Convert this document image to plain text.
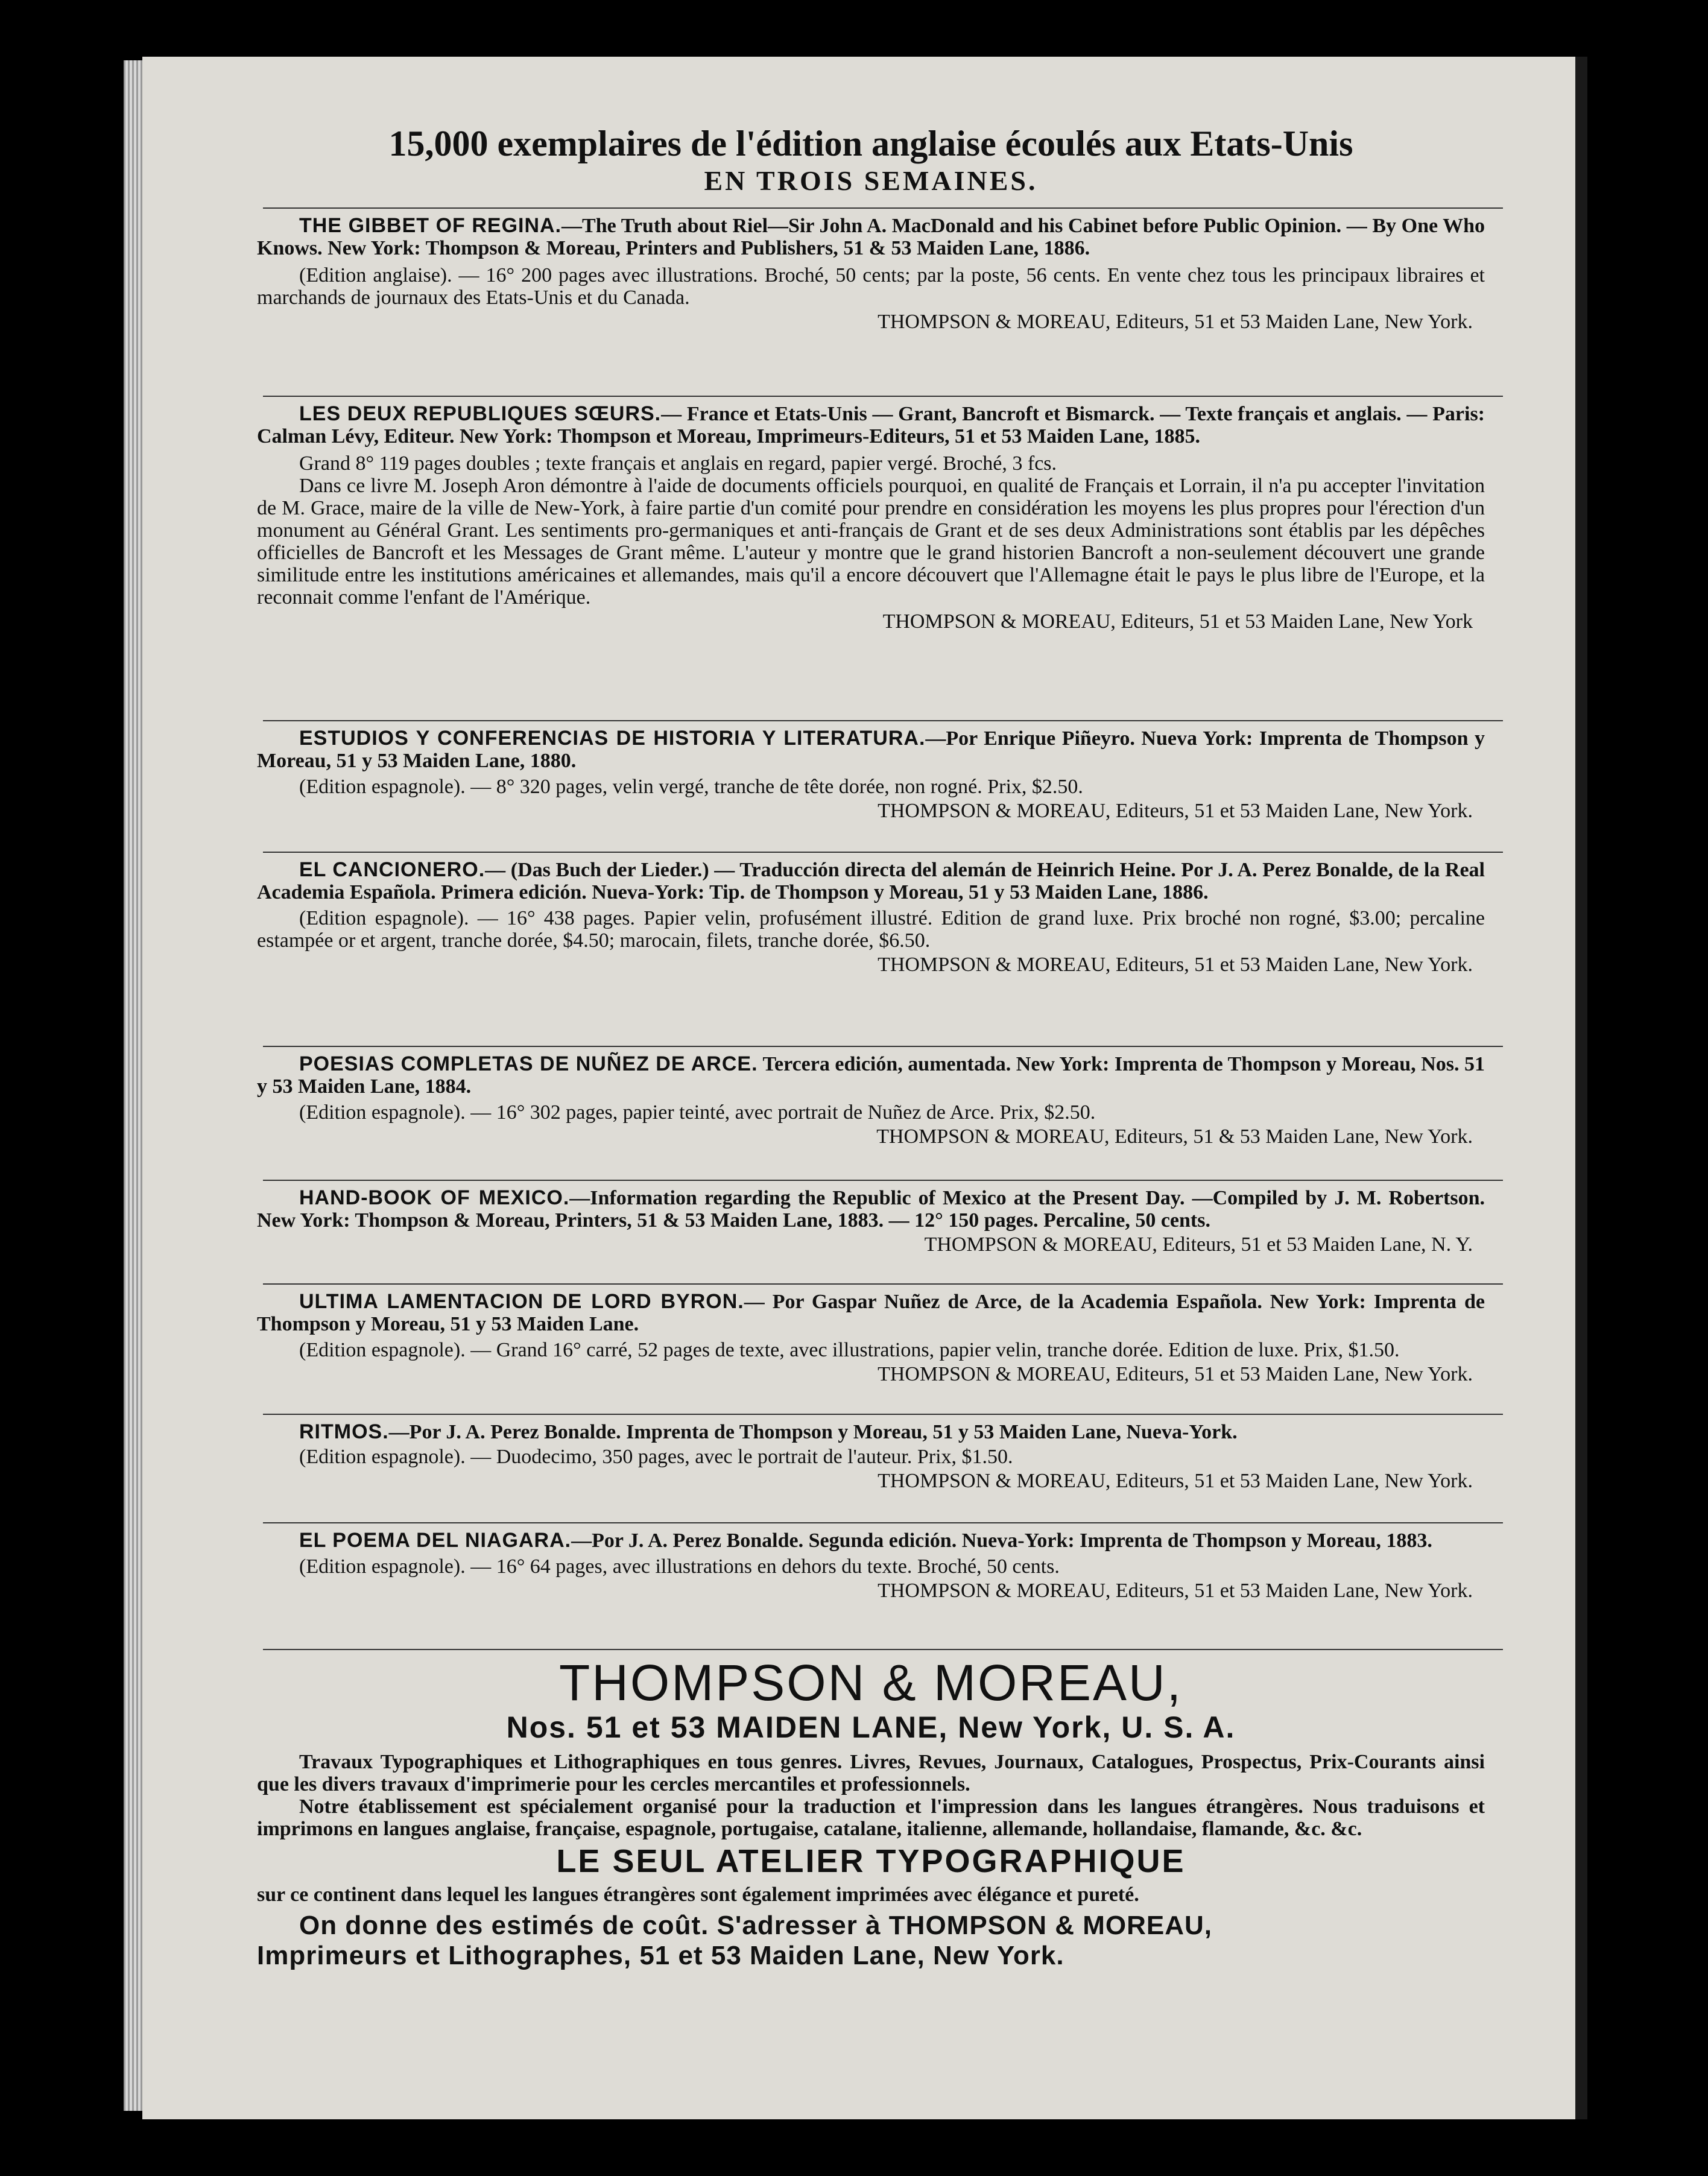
15,000 exemplaires de l'édition anglaise écoulés aux Etats-Unis
EN TROIS SEMAINES.
THE GIBBET OF REGINA.—The Truth about Riel—Sir John A. MacDonald and his Cabinet before Public Opinion. — By One Who Knows. New York: Thompson & Moreau, Printers and Publishers, 51 & 53 Maiden Lane, 1886.
(Edition anglaise). — 16° 200 pages avec illustrations. Broché, 50 cents; par la poste, 56 cents. En vente chez tous les principaux libraires et marchands de journaux des Etats-Unis et du Canada.
THOMPSON & MOREAU, Editeurs, 51 et 53 Maiden Lane, New York.
LES DEUX REPUBLIQUES SŒURS.— France et Etats-Unis — Grant, Bancroft et Bismarck. — Texte français et anglais. — Paris: Calman Lévy, Editeur. New York: Thompson et Moreau, Imprimeurs-Editeurs, 51 et 53 Maiden Lane, 1885.
Grand 8° 119 pages doubles ; texte français et anglais en regard, papier vergé. Broché, 3 fcs.
Dans ce livre M. Joseph Aron démontre à l'aide de documents officiels pourquoi, en qualité de Français et Lorrain, il n'a pu accepter l'invitation de M. Grace, maire de la ville de New-York, à faire partie d'un comité pour prendre en considération les moyens les plus propres pour l'érection d'un monument au Général Grant. Les sentiments pro-germaniques et anti-français de Grant et de ses deux Administrations sont établis par les dépêches officielles de Bancroft et les Messages de Grant même. L'auteur y montre que le grand historien Bancroft a non-seulement découvert une grande similitude entre les institutions américaines et allemandes, mais qu'il a encore découvert que l'Allemagne était le pays le plus libre de l'Europe, et la reconnait comme l'enfant de l'Amérique.
THOMPSON & MOREAU, Editeurs, 51 et 53 Maiden Lane, New York
ESTUDIOS Y CONFERENCIAS DE HISTORIA Y LITERATURA.—Por Enrique Piñeyro. Nueva York: Imprenta de Thompson y Moreau, 51 y 53 Maiden Lane, 1880.
(Edition espagnole). — 8° 320 pages, velin vergé, tranche de tête dorée, non rogné. Prix, $2.50.
THOMPSON & MOREAU, Editeurs, 51 et 53 Maiden Lane, New York.
EL CANCIONERO.— (Das Buch der Lieder.) — Traducción directa del alemán de Heinrich Heine. Por J. A. Perez Bonalde, de la Real Academia Española. Primera edición. Nueva-York: Tip. de Thompson y Moreau, 51 y 53 Maiden Lane, 1886.
(Edition espagnole). — 16° 438 pages. Papier velin, profusément illustré. Edition de grand luxe. Prix broché non rogné, $3.00; percaline estampée or et argent, tranche dorée, $4.50; marocain, filets, tranche dorée, $6.50.
THOMPSON & MOREAU, Editeurs, 51 et 53 Maiden Lane, New York.
POESIAS COMPLETAS DE NUÑEZ DE ARCE. Tercera edición, aumentada. New York: Imprenta de Thompson y Moreau, Nos. 51 y 53 Maiden Lane, 1884.
(Edition espagnole). — 16° 302 pages, papier teinté, avec portrait de Nuñez de Arce. Prix, $2.50.
THOMPSON & MOREAU, Editeurs, 51 & 53 Maiden Lane, New York.
HAND-BOOK OF MEXICO.—Information regarding the Republic of Mexico at the Present Day. —Compiled by J. M. Robertson. New York: Thompson & Moreau, Printers, 51 & 53 Maiden Lane, 1883. — 12° 150 pages. Percaline, 50 cents.
THOMPSON & MOREAU, Editeurs, 51 et 53 Maiden Lane, N. Y.
ULTIMA LAMENTACION DE LORD BYRON.— Por Gaspar Nuñez de Arce, de la Academia Española. New York: Imprenta de Thompson y Moreau, 51 y 53 Maiden Lane.
(Edition espagnole). — Grand 16° carré, 52 pages de texte, avec illustrations, papier velin, tranche dorée. Edition de luxe. Prix, $1.50.
THOMPSON & MOREAU, Editeurs, 51 et 53 Maiden Lane, New York.
RITMOS.—Por J. A. Perez Bonalde. Imprenta de Thompson y Moreau, 51 y 53 Maiden Lane, Nueva-York.
(Edition espagnole). — Duodecimo, 350 pages, avec le portrait de l'auteur. Prix, $1.50.
THOMPSON & MOREAU, Editeurs, 51 et 53 Maiden Lane, New York.
EL POEMA DEL NIAGARA.—Por J. A. Perez Bonalde. Segunda edición. Nueva-York: Imprenta de Thompson y Moreau, 1883.
(Edition espagnole). — 16° 64 pages, avec illustrations en dehors du texte. Broché, 50 cents.
THOMPSON & MOREAU, Editeurs, 51 et 53 Maiden Lane, New York.
THOMPSON & MOREAU,
Nos. 51 et 53 MAIDEN LANE, New York, U. S. A.
Travaux Typographiques et Lithographiques en tous genres. Livres, Revues, Journaux, Catalogues, Prospectus, Prix-Courants ainsi que les divers travaux d'imprimerie pour les cercles mercantiles et professionnels.
Notre établissement est spécialement organisé pour la traduction et l'impression dans les langues étrangères. Nous traduisons et imprimons en langues anglaise, française, espagnole, portugaise, catalane, italienne, allemande, hollandaise, flamande, &c. &c.
LE SEUL ATELIER TYPOGRAPHIQUE
sur ce continent dans lequel les langues étrangères sont également imprimées avec élégance et pureté.
On donne des estimés de coût. S'adresser à THOMPSON & MOREAU,
Imprimeurs et Lithographes, 51 et 53 Maiden Lane, New York.
